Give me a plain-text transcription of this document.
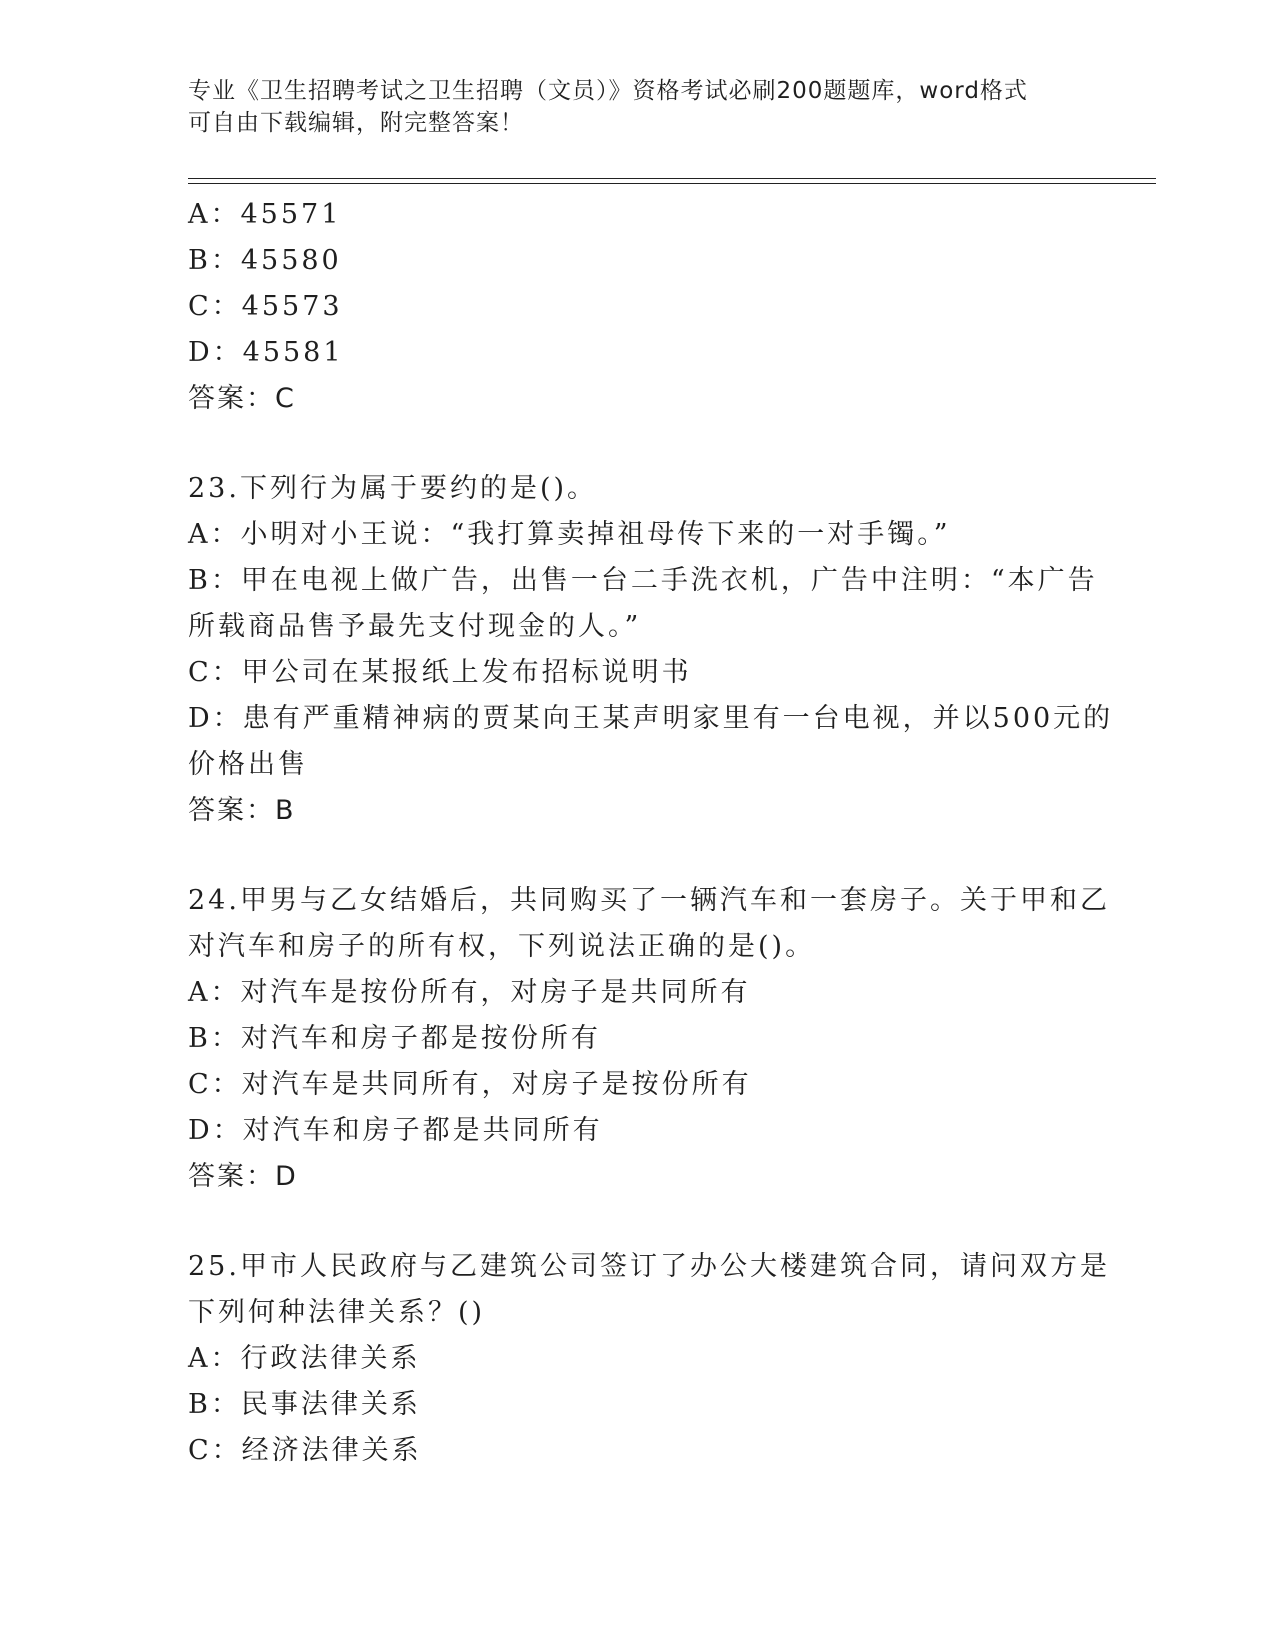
专业《卫生招聘考试之卫生招聘（文员）》资格考试必刷200题题库，word格式
可自由下载编辑，附完整答案！
A：45571
B：45580
C：45573
D：45581
答案：C
23.下列行为属于要约的是()。
A：小明对小王说：“我打算卖掉祖母传下来的一对手镯。”
B：甲在电视上做广告，出售一台二手洗衣机，广告中注明：“本广告
所载商品售予最先支付现金的人。”
C：甲公司在某报纸上发布招标说明书
D：患有严重精神病的贾某向王某声明家里有一台电视，并以500元的
价格出售
答案：B
24.甲男与乙女结婚后，共同购买了一辆汽车和一套房子。关于甲和乙
对汽车和房子的所有权，下列说法正确的是()。
A：对汽车是按份所有，对房子是共同所有
B：对汽车和房子都是按份所有
C：对汽车是共同所有，对房子是按份所有
D：对汽车和房子都是共同所有
答案：D
25.甲市人民政府与乙建筑公司签订了办公大楼建筑合同，请问双方是
下列何种法律关系？()
A：行政法律关系
B：民事法律关系
C：经济法律关系
